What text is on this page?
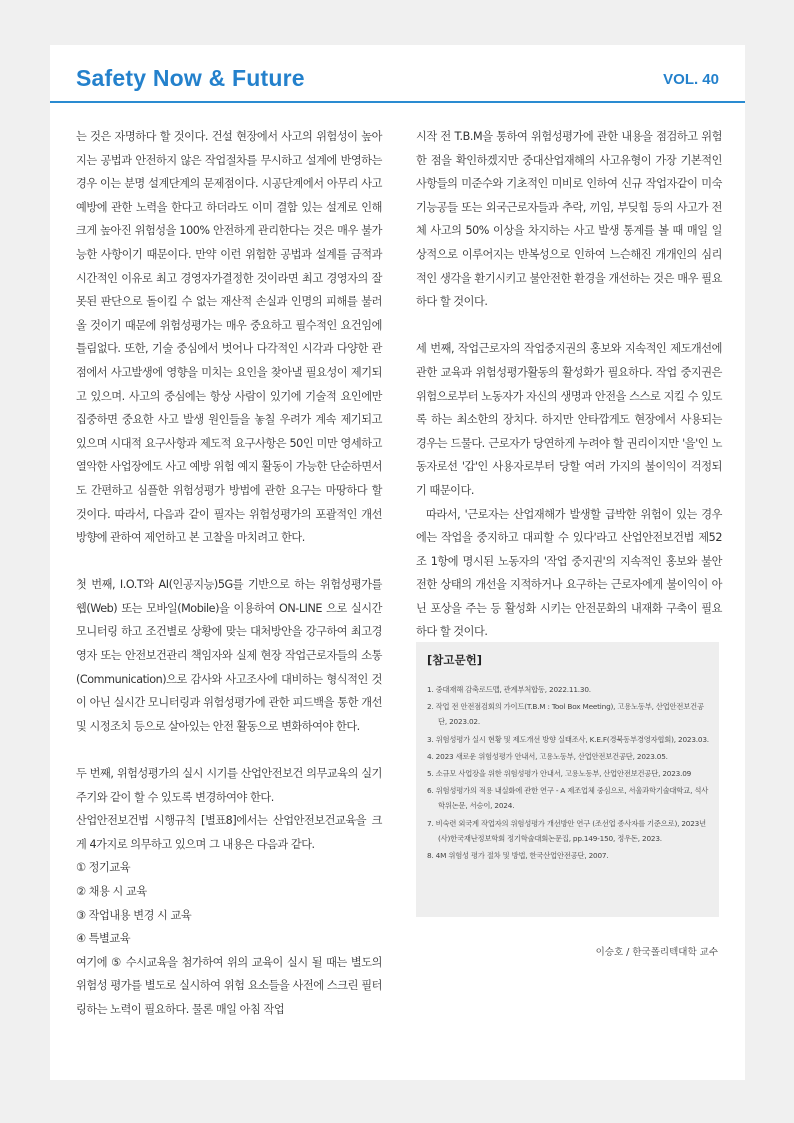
Safety Now & Future	VOL. 40

는 것은 자명하다 할 것이다. 건설 현장에서 사고의 위험성이 높아지는 공법과 안전하지 않은 작업절차를 무시하고 설계에 반영하는 경우 이는 분명 설계단계의 문제점이다. 시공단계에서 아무리 사고 예방에 관한 노력을 한다고 하더라도 이미 결함 있는 설계로 인해 크게 높아진 위험성을 100% 안전하게 관리한다는 것은 매우 불가능한 사항이기 때문이다. 만약 이런 위험한 공법과 설계를 금적과 시간적인 이유로 최고 경영자가결정한 것이라면 최고 경영자의 잘못된 판단으로 돌이킬 수 없는 재산적 손실과 인명의 피해를 불러 올 것이기 때문에 위험성평가는 매우 중요하고 필수적인 요건임에 틀림없다. 또한, 기술 중심에서 벗어나 다각적인 시각과 다양한 관점에서 사고발생에 영향을 미치는 요인을 찾아낼 필요성이 제기되고 있으며. 사고의 중심에는 항상 사람이 있기에 기술적 요인에만 집중하면 중요한 사고 발생 원인들을 놓칠 우려가 계속 제기되고 있으며 시대적 요구사항과 제도적 요구사항은 50인 미만 영세하고 열악한 사업장에도 사고 예방 위험 예지 활동이 가능한 단순하면서도 간편하고 심플한 위험성평가 방법에 관한 요구는 마땅하다 할 것이다. 따라서, 다음과 같이 필자는 위험성평가의 포괄적인 개선방향에 관하여 제언하고 본 고찰을 마치려고 한다.

첫 번째, I.O.T와 AI(인공지능)5G를 기반으로 하는 위험성평가를 웹(Web) 또는 모바일(Mobile)을 이용하여 ON-LINE 으로 실시간 모니터링 하고 조건별로 상황에 맞는 대처방안을 강구하여 최고경영자 또는 안전보건관리 책임자와 실제 현장 작업근로자들의 소통(Communication)으로 감사와 사고조사에 대비하는 형식적인 것이 아닌 실시간 모니터링과 위험성평가에 관한 피드백을 통한 개선 및 시정조치 등으로 살아있는 안전 활동으로 변화하여야 한다.

두 번째, 위험성평가의 실시 시기를 산업안전보건 의무교육의 실기 주기와 같이 할 수 있도록 변경하여야 한다.

산업안전보건법 시행규칙 [별표8]에서는 산업안전보건교육을 크게 4가지로 의무하고 있으며 그 내용은 다음과 같다.

① 정기교육
② 채용 시 교육
③ 작업내용 변경 시 교육
④ 특별교육

여기에 ⑤ 수시교육을 첨가하여 위의 교육이 실시 될 때는 별도의 위험성 평가를 별도로 실시하여 위험 요소들을 사전에 스크린 필터링하는 노력이 필요하다. 물론 매일 아침 작업

시작 전 T.B.M을 통하여 위험성평가에 관한 내용을 점검하고 위험한 점을 확인하겠지만 중대산업재해의 사고유형이 가장 기본적인 사항들의 미준수와 기초적인 미비로 인하여 신규 작업자같이 미숙기능공들 또는 외국근로자들과 추락, 끼임, 부딪힘 등의 사고가 전체 사고의 50% 이상을 차지하는 사고 발생 통계를 볼 때 매일 일상적으로 이루어지는 반복성으로 인하여 느슨해진 개개인의 심리적인 생각을 환기시키고 불안전한 환경을 개선하는 것은 매우 필요하다 할 것이다.

세 번째, 작업근로자의 작업중지권의 홍보와 지속적인 제도개선에 관한 교육과 위험성평가활동의 활성화가 필요하다. 작업 중지권은 위험으로부터 노동자가 자신의 생명과 안전을 스스로 지킬 수 있도록 하는 최소한의 장치다. 하지만 안타깝게도 현장에서 사용되는 경우는 드물다. 근로자가 당연하게 누려야 할 권리이지만 '을'인 노동자로선 '갑'인 사용자로부터 당할 여러 가지의 불이익이 걱정되기 때문이다.

따라서, '근로자는 산업재해가 발생할 급박한 위험이 있는 경우에는 작업을 중지하고 대피할 수 있다'라고 산업안전보건법 제52조 1항에 명시된 노동자의 '작업 중지권'의 지속적인 홍보와 불안전한 상태의 개선을 지적하거나 요구하는 근로자에게 불이익이 아닌 포상을 주는 등 활성화 시키는 안전문화의 내재화 구축이 필요하다 할 것이다.

[참고문헌]
1. 중대재해 감축로드맵, 관계부처합동, 2022.11.30.
2. 작업 전 안전점검회의 가이드(T.B.M : Tool Box Meeting), 고용노동부, 산업안전보건공단, 2023.02.
3. 위험성평가 실시 현황 및 제도개선 방향 실태조사, K.E.F(경북동부경영자협회), 2023.03.
4. 2023 새로운 위험성평가 안내서, 고용노동부, 산업안전보건공단, 2023.05.
5. 소규모 사업장을 위한 위험성평가 안내서, 고용노동부, 산업안전보건공단, 2023.09
6. 위험성평가의 적용 내실화에 관한 연구 - A 제조업체 중심으로, 서울과학기술대학교, 석사학위논문, 서승이, 2024.
7. 비숙련 외국계 작업자의 위험성평가 개선방안 연구 (조선업 종사자를 기준으로), 2023년(사)한국재난정보학회 정기학술대회논문집, pp.149-150, 정우돈, 2023.
8. 4M 위험성 평가 절차 및 방법, 한국산업안전공단, 2007.
이승호 / 한국폴리텍대학 교수
